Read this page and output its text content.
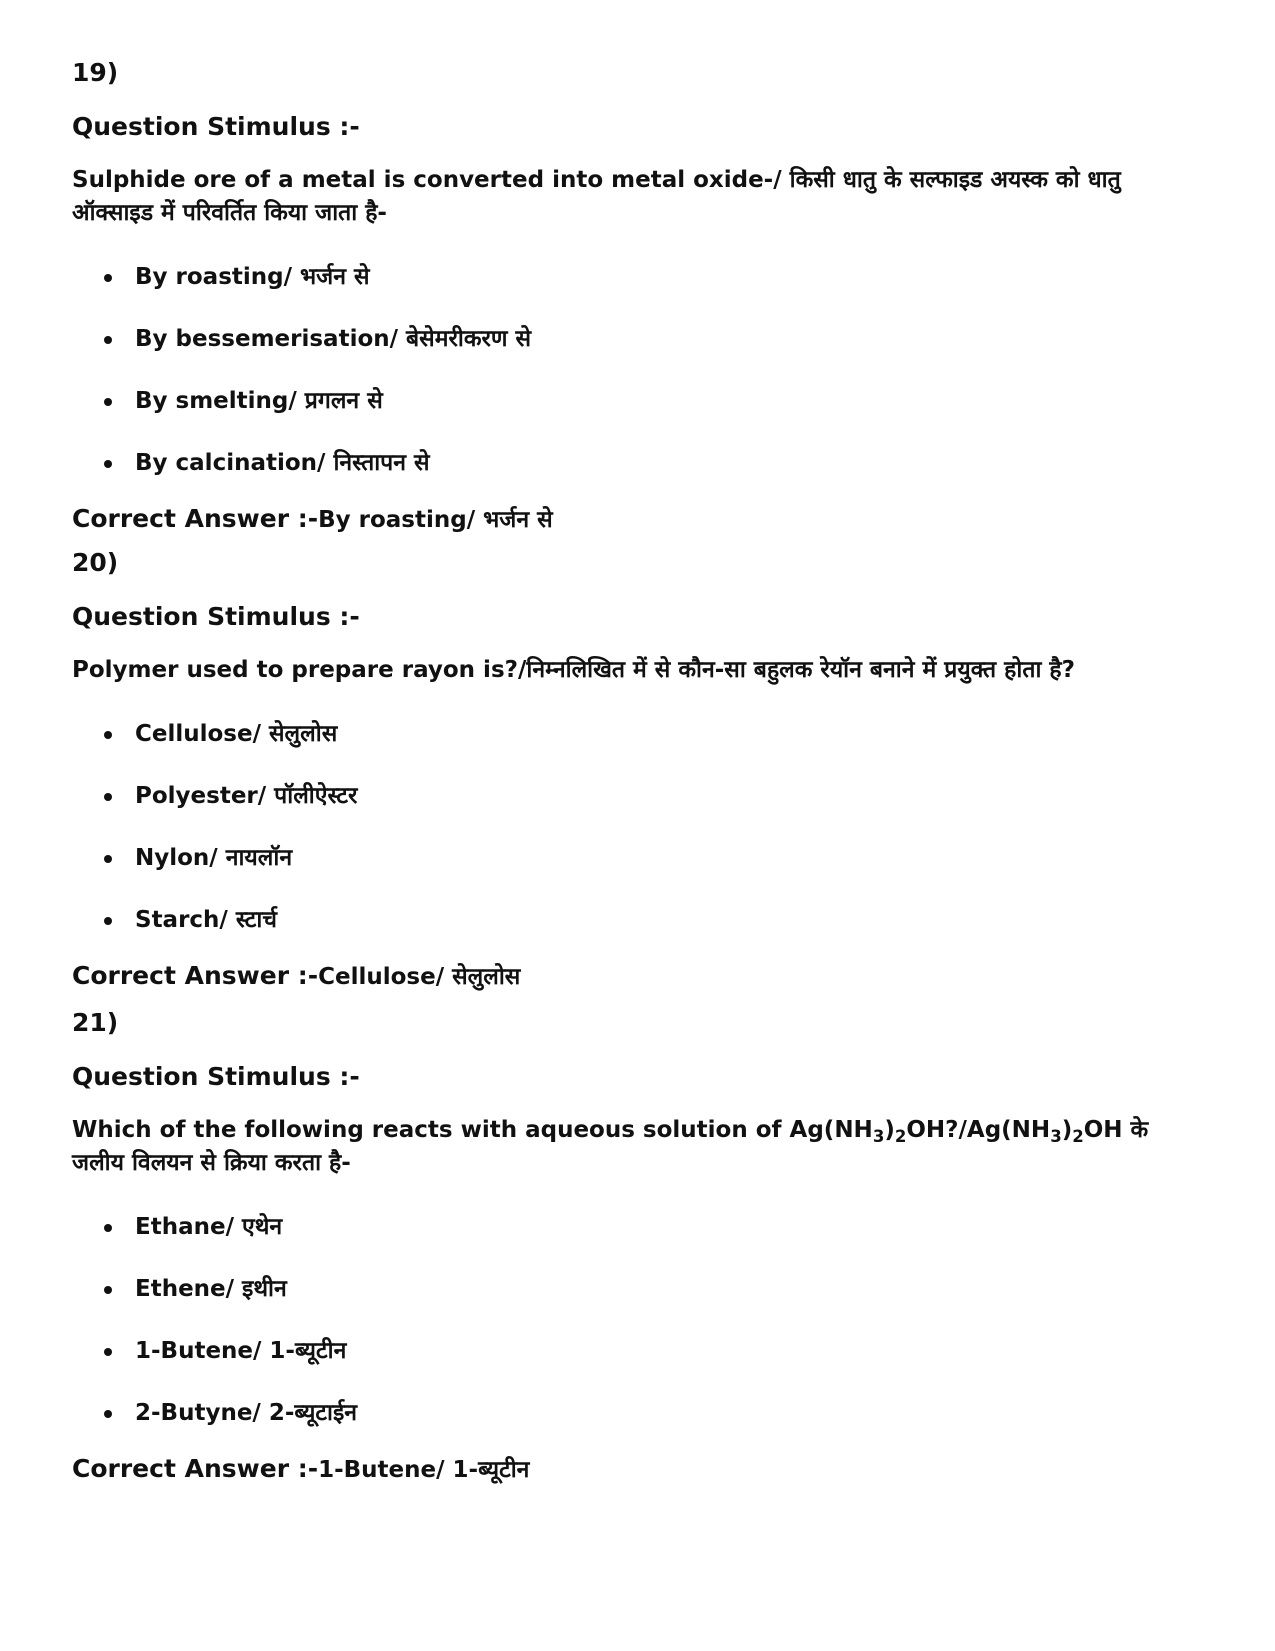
19)
Question Stimulus :-
Sulphide ore of a metal is converted into metal oxide-/ किसी धातु के सल्फाइड अयस्क को धातु ऑक्साइड में परिवर्तित किया जाता है-
By roasting/ भर्जन से
By bessemerisation/ बेसेमरीकरण से
By smelting/ प्रगलन से
By calcination/ निस्तापन से
Correct Answer :-By roasting/ भर्जन से
20)
Question Stimulus :-
Polymer used to prepare rayon is?/निम्नलिखित में से कौन-सा बहुलक रेयॉन बनाने में प्रयुक्त होता है?
Cellulose/ सेलुलोस
Polyester/ पॉलीऐस्टर
Nylon/ नायलॉन
Starch/ स्टार्च
Correct Answer :-Cellulose/ सेलुलोस
21)
Question Stimulus :-
Which of the following reacts with aqueous solution of $Ag(NH_3)_2OH?/Ag(NH_3)_2OH$ के जलीय विलयन से क्रिया करता है-
Ethane/ एथेन
Ethene/ इथीन
1-Butene/ 1-ब्यूटीन
2-Butyne/ 2-ब्यूटाईन
Correct Answer :-1-Butene/ 1-ब्यूटीन
